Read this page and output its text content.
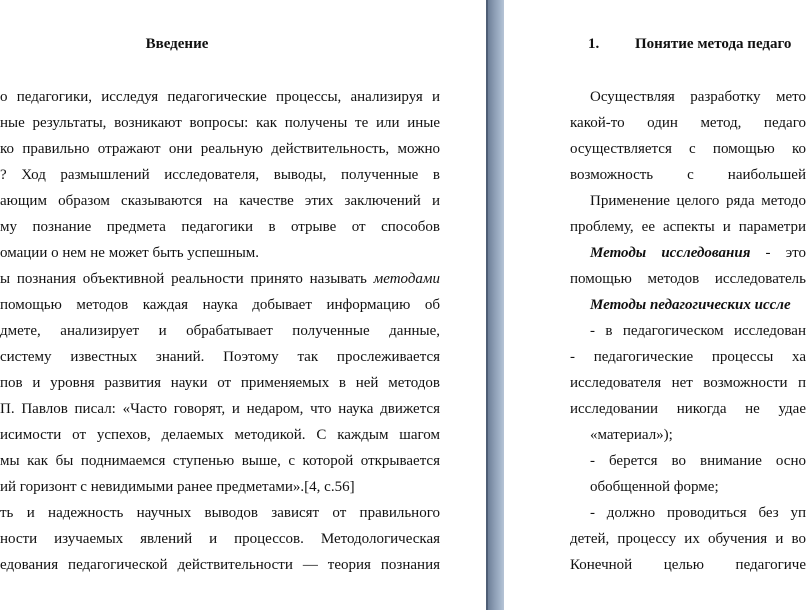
Введение
о педагогики, исследуя педагогические процессы, анализируя и
ные результаты, возникают вопросы: как получены те или иные
ко правильно отражают они реальную действительность, можно
? Ход размышлений исследователя, выводы, полученные в
ающим образом сказываются на качестве этих заключений и
му познание предмета педагогики в отрыве от способов
омации о нем не может быть успешным.
ы познания объективной реальности принято называть методами
помощью методов каждая наука добывает информацию об
дмете, анализирует и обрабатывает полученные данные,
систему известных знаний. Поэтому так прослеживается
пов и уровня развития науки от применяемых в ней методов
П. Павлов писал: «Часто говорят, и недаром, что наука движется
исимости от успехов, делаемых методикой. С каждым шагом
мы как бы поднимаемся ступенью выше, с которой открывается
ий горизонт с невидимыми ранее предметами».[4, с.56]
ть и надежность научных выводов зависят от правильного
ности изучаемых явлений и процессов. Методологическая
едования педагогической действительности — теория познания
1. Понятие метода педаго
Осуществляя разработку мето
какой-то один метод, педаго
осуществляется с помощью ко
возможность с наибольшей
Применение целого ряда методо
проблему, ее аспекты и параметри
Методы исследования - это
помощью методов исследователь
Методы педагогических иссле
- в педагогическом исследован
- педагогические процессы ха
исследователя нет возможности п
исследовании никогда не удае
«материал»);
- берется во внимание осно
обобщенной форме;
- должно проводиться без уп
детей, процессу их обучения и во
Конечной целью педагогиче
